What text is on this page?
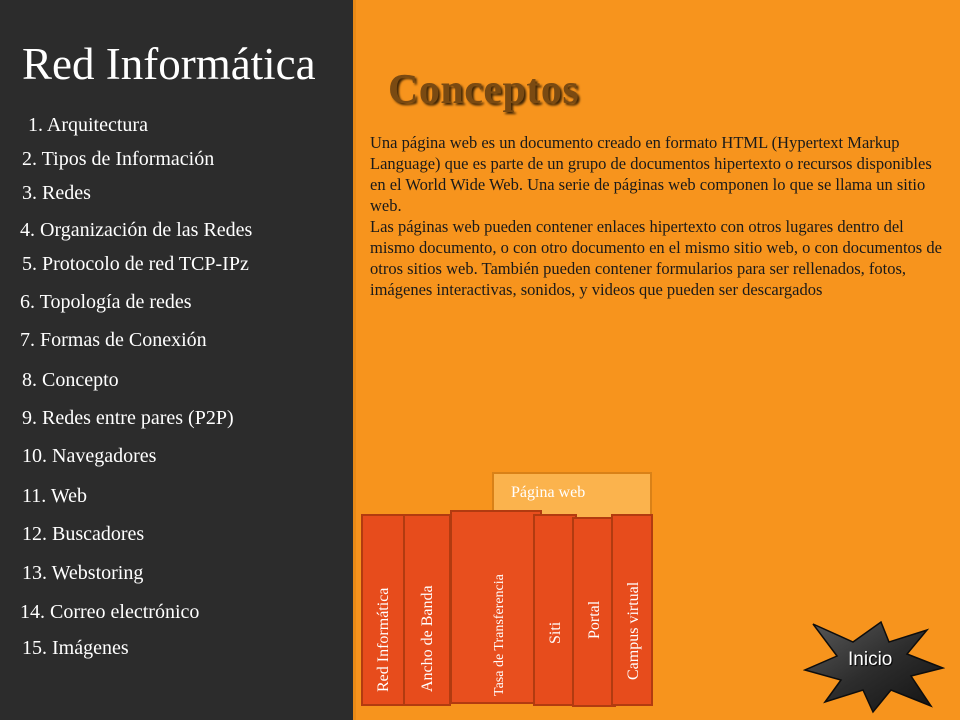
Red Informática
1. Arquitectura
2. Tipos de Información
3. Redes
4. Organización de las Redes
5. Protocolo de red TCP-IPz
6. Topología de redes
7. Formas de Conexión
8. Concepto
9. Redes entre pares (P2P)
10. Navegadores
11. Web
12. Buscadores
13. Webstoring
14. Correo electrónico
15. Imágenes
Conceptos

Una página web es un documento creado en formato HTML (Hypertext Markup Language) que es parte de un grupo de documentos hipertexto o recursos disponibles en el World Wide Web. Una serie de páginas web componen lo que se llama un sitio web.

Las páginas web pueden contener enlaces hipertexto con otros lugares dentro del mismo documento, o con otro documento en el mismo sitio web, o con documentos de otros sitios web. También pueden contener formularios para ser rellenados, fotos, imágenes interactivas, sonidos, y videos que pueden ser descargados

Página web
Tasa de Transferencia
Red Informática Ancho de Banda	Siti Portal Campus virtual	Inicio
